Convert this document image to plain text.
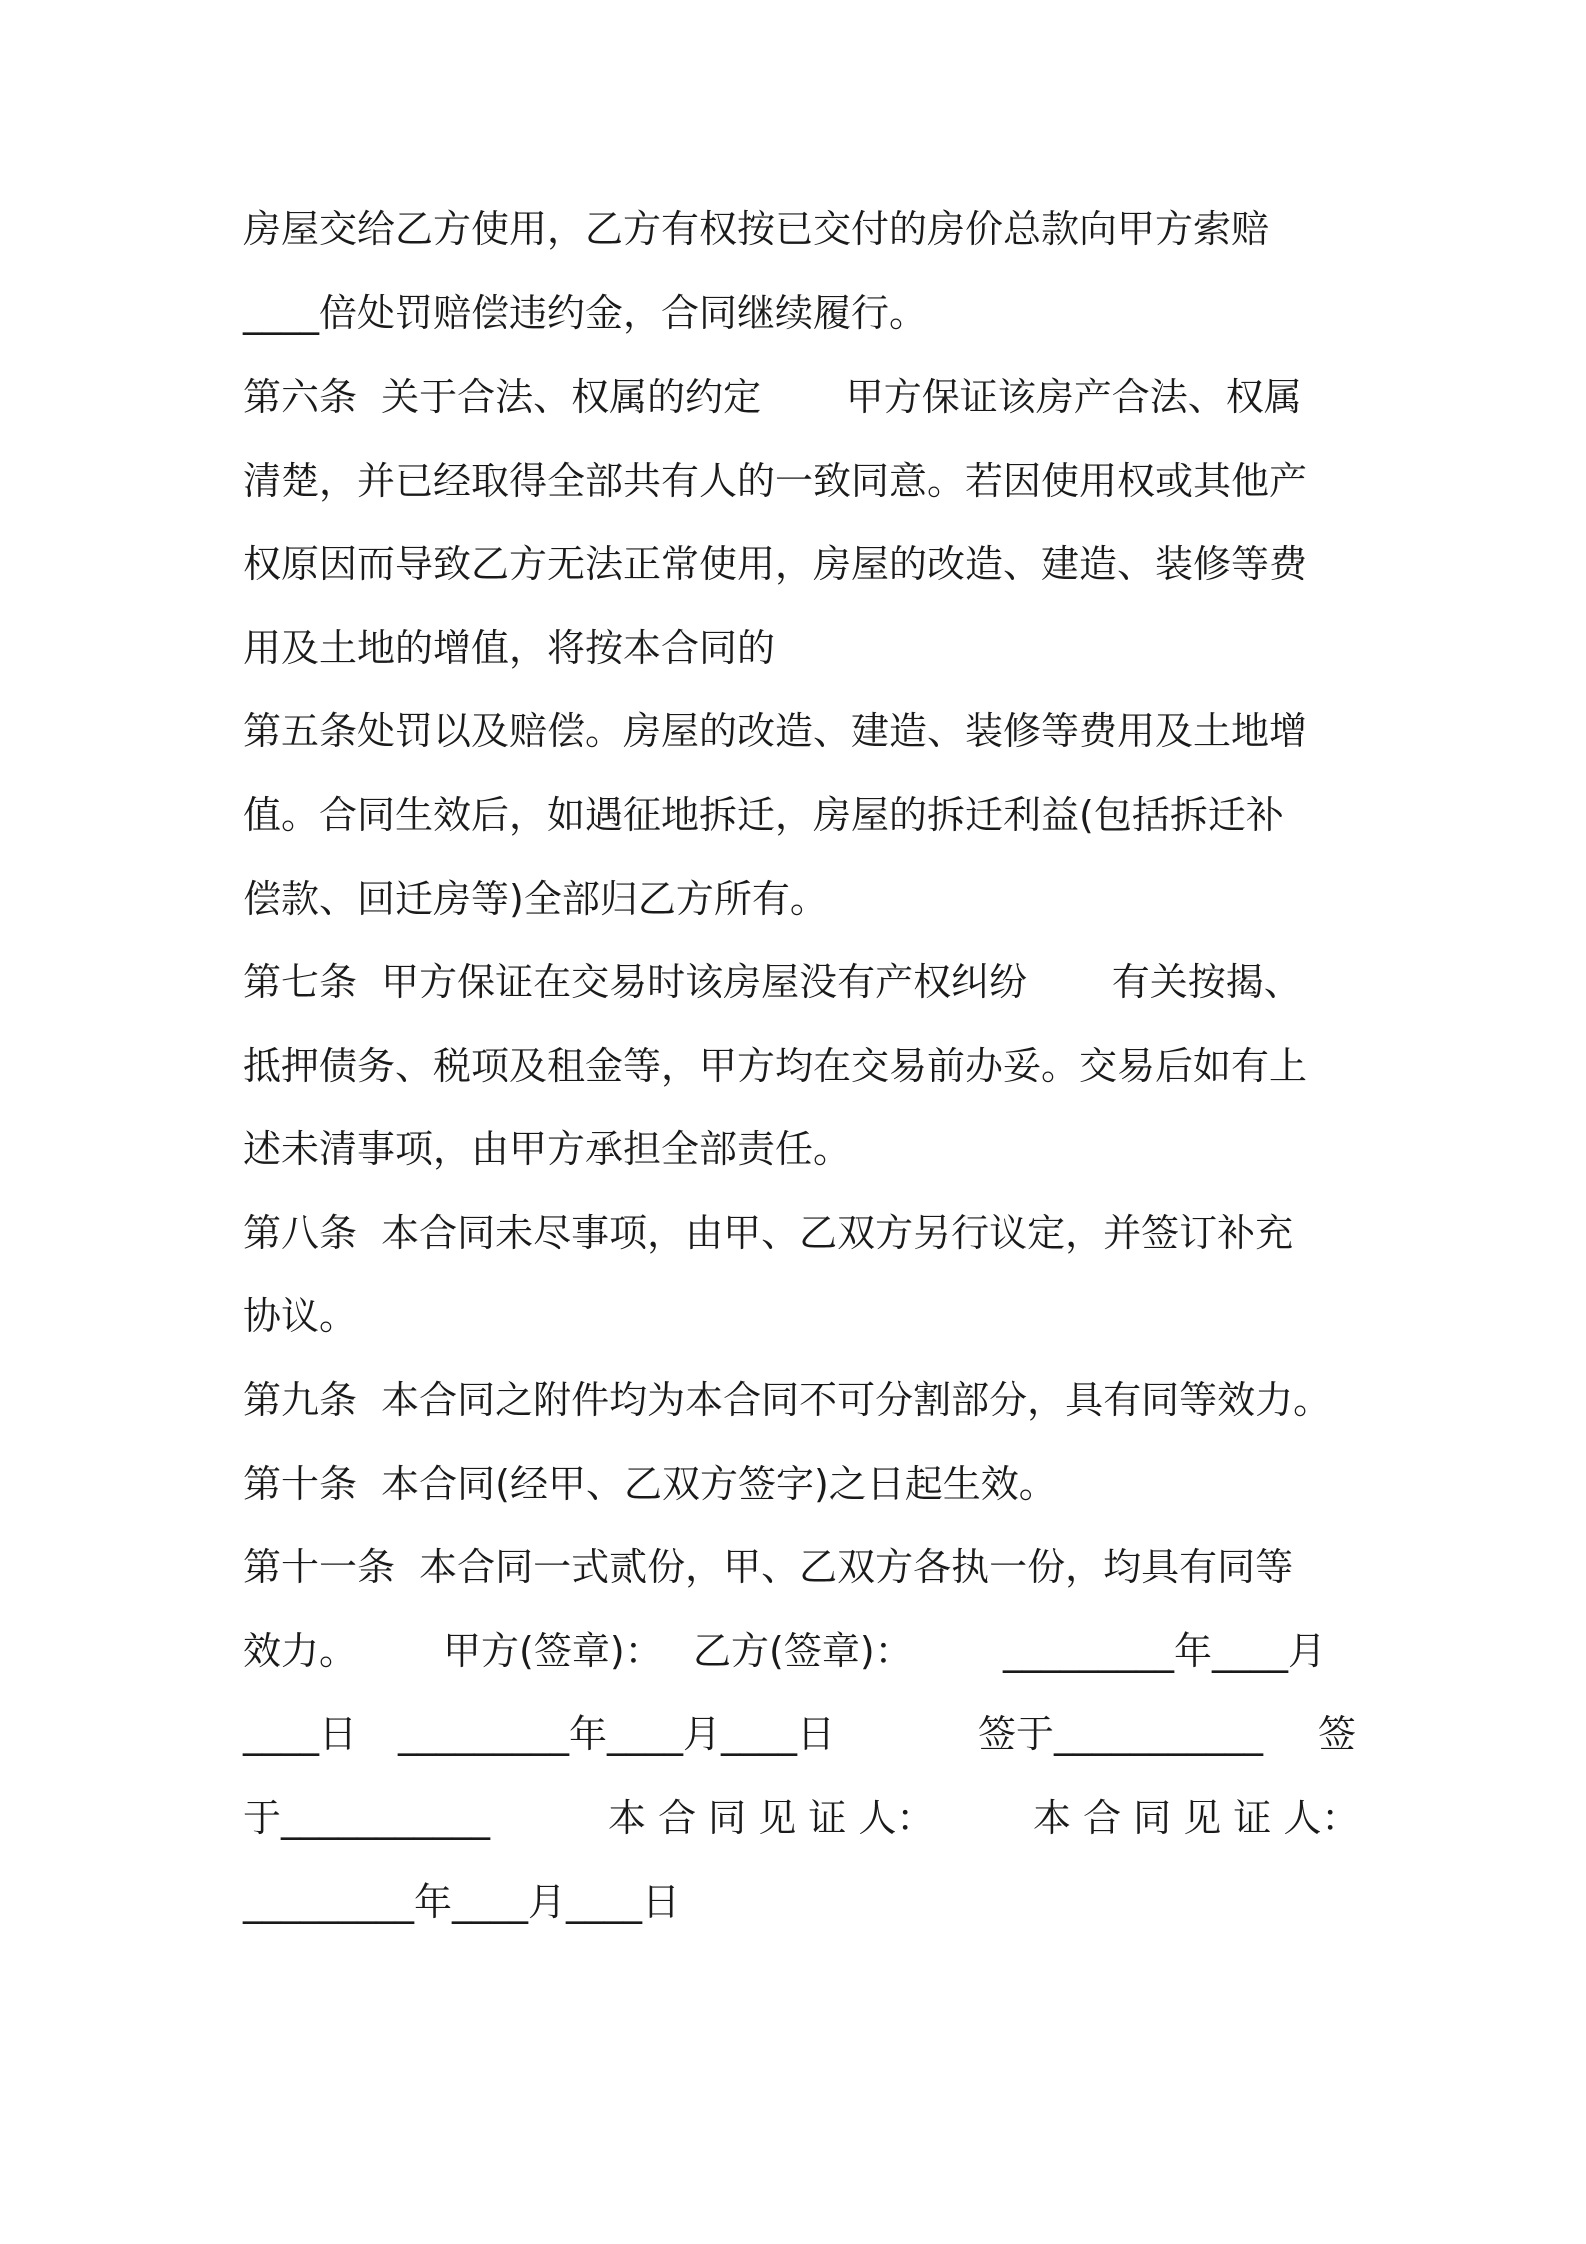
房屋交给乙方使用，乙方有权按已交付的房价总款向甲方索赔
____倍处罚赔偿违约金，合同继续履行。
第六条  关于合法、权属的约定       甲方保证该房产合法、权属
清楚，并已经取得全部共有人的一致同意。若因使用权或其他产
权原因而导致乙方无法正常使用，房屋的改造、建造、装修等费
用及土地的增值，将按本合同的
第五条处罚以及赔偿。房屋的改造、建造、装修等费用及土地增
值。合同生效后，如遇征地拆迁，房屋的拆迁利益(包括拆迁补
偿款、回迁房等)全部归乙方所有。
第七条  甲方保证在交易时该房屋没有产权纠纷       有关按揭、
抵押债务、税项及租金等，甲方均在交易前办妥。交易后如有上
述未清事项，由甲方承担全部责任。
第八条  本合同未尽事项，由甲、乙双方另行议定，并签订补充
协议。
第九条  本合同之附件均为本合同不可分割部分，具有同等效力。
第十条  本合同(经甲、乙双方签字)之日起生效。
第十一条  本合同一式贰份，甲、乙双方各执一份，均具有同等

效力。

甲方(签章)：

乙方(签章)：

_________年____月

____日

_________年____月____日

	签于___________

签

于___________

	本 合 同 见 证 人：

	本 合 同 见 证 人：

_________年____月____日
